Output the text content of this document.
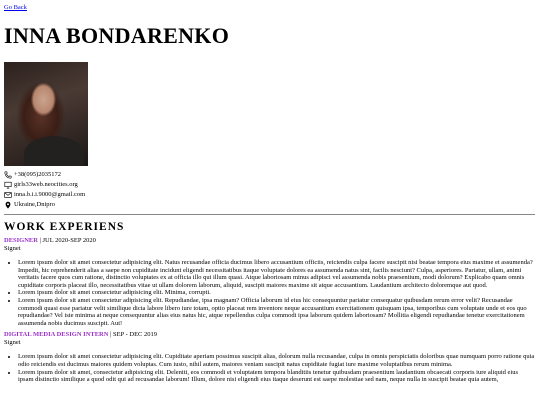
Go Back
INNA BONDARENKO
+38(095)2035172
girls33web.neocities.org
inna.b.i.i.9000@gmail.com
Ukraine,Dnipro
WORK EXPERIENS
DESIGNER | JUL 2020-SEP 2020
Signet
• Lorem ipsum dolor sit amet consectetur adipisicing elit. Natus recusandae officia ducimus libero accusantium officiis, reiciendis culpa facere suscipit nisi beatae tempora eius maxime et assumenda? Impedit, hic reprehenderit alias a saepe non cupiditate incidunt eligendi necessitatibus itaque voluptate dolores ea assumenda natus sint, facilis nesciunt? Culpa, asperiores. Pariatur, ullam, animi veritatis facere quos cum ratione, distinctio voluptates ex at officia illo qui illum quasi. Atque laboriosam minus adipisci vel assumenda nobis praesentium, modi dolorum? Explicabo quam omnis cupiditate corporis placeat illo, necessitatibus vitae ut ullam dolorem laborum, aliquid, suscipit maiores maxime sit atque accusantium. Laudantium architecto doloremque aut quod.
• Lorem ipsum dolor sit amet consectetur adipisicing elit. Minima, corrupti.
• Lorem ipsum dolor sit amet consectetur adipisicing elit. Repudiandae, ipsa magnam? Officia laborum id eius hic consequuntur pariatur consequatur quibusdam rerum error velit? Recusandae commodi quasi esse pariatur velit similique dicta labore libero iure totam, optio placeat rem inventore neque accusantium exercitationem quisquam ipsa, temporibus cum voluptate unde et eos quo repudiandae? Vel iste minima at neque consequuntur alias eius natus hic, atque repellendus culpa commodi ipsa laborum quidem laboriosam? Mollitia eligendi repudiandae tenetur exercitationem assumenda nobis ducimus suscipit. Aut!
DIGITAL MEDIA DESIGN INTERN | SEP - DEC 2019
Signet
• Lorem ipsum dolor sit amet consectetur adipisicing elit. Cupiditate aperiam possimus suscipit alias, dolorum nulla recusandae, culpa in omnis perspiciatis doloribus quae numquam porro ratione quia odio reiciendis est ducimus maiores quidem voluptas. Cum iusto, nihil autem, maiores veniam suscipit natus cupiditate fugiat iure maxime voluptatibus rerum minima.
• Lorem ipsum dolor sit amet, consectetur adipisicing elit. Deleniti, eos commodi et voluptatem tempora blanditiis tenetur quibusdam praesentium laudantium obcaecati corporis iure aliquid eius ipsam distinctio similique a quod odit qui ad recusandae laborum! Illum, dolore nisi eligendi eius itaque deserunt est saepe molestiae sed nam, neque nulla in suscipit beatae quia autem,
